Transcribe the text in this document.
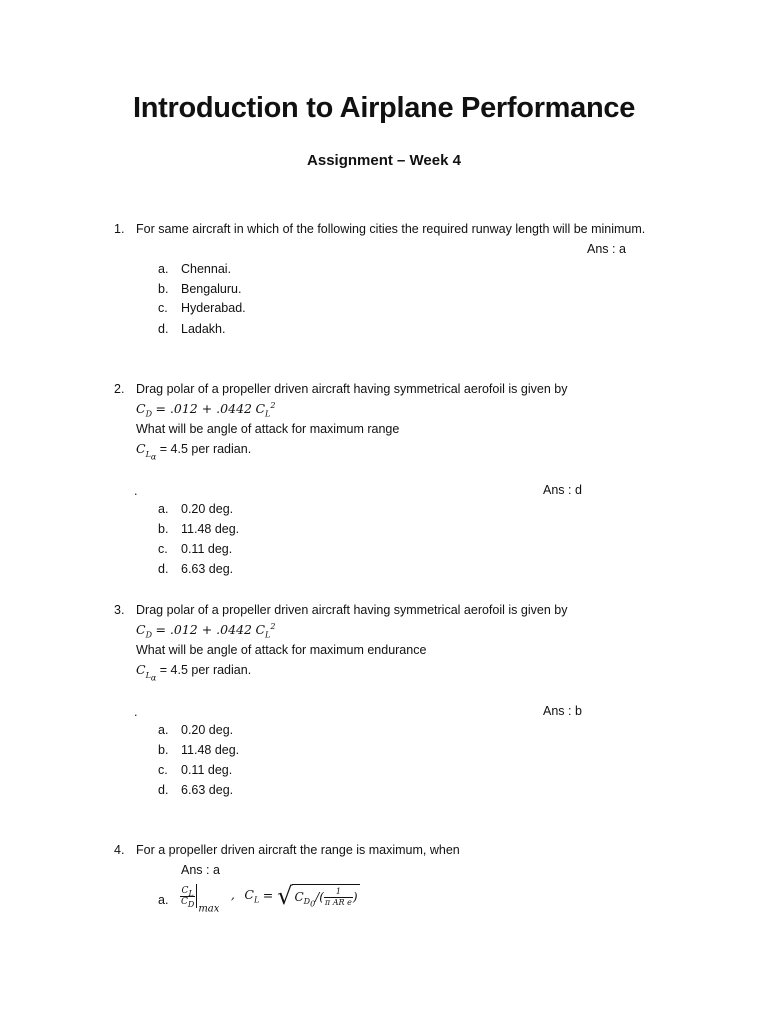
Introduction to Airplane Performance
Assignment – Week 4
1. For same aircraft in which of the following cities the required runway length will be minimum.
Ans : a
a. Chennai.
b. Bengaluru.
c. Hyderabad.
d. Ladakh.
2. Drag polar of a propeller driven aircraft having symmetrical aerofoil is given by
$C_D = .012 + .0442$ $C_L^2$
What will be angle of attack for maximum range
$C_{L_\alpha} = 4.5$ per radian.
.	Ans : d
a. 0.20 deg.
b. 11.48 deg.
c. 0.11 deg.
d. 6.63 deg.
3. Drag polar of a propeller driven aircraft having symmetrical aerofoil is given by
$C_D = .012 + .0442$ $C_L^2$
What will be angle of attack for maximum endurance
$C_{L_\alpha} = 4.5$ per radian.
.	Ans : b
a. 0.20 deg.
b. 11.48 deg.
c. 0.11 deg.
d. 6.63 deg.
4. For a propeller driven aircraft the range is maximum, when
Ans : a
a. $\frac{C_L}{C_D}$
$_{max}$ , $C_L$ = √ $C_{D_0}/( \frac{1}{\text{π AR e}}$ )
